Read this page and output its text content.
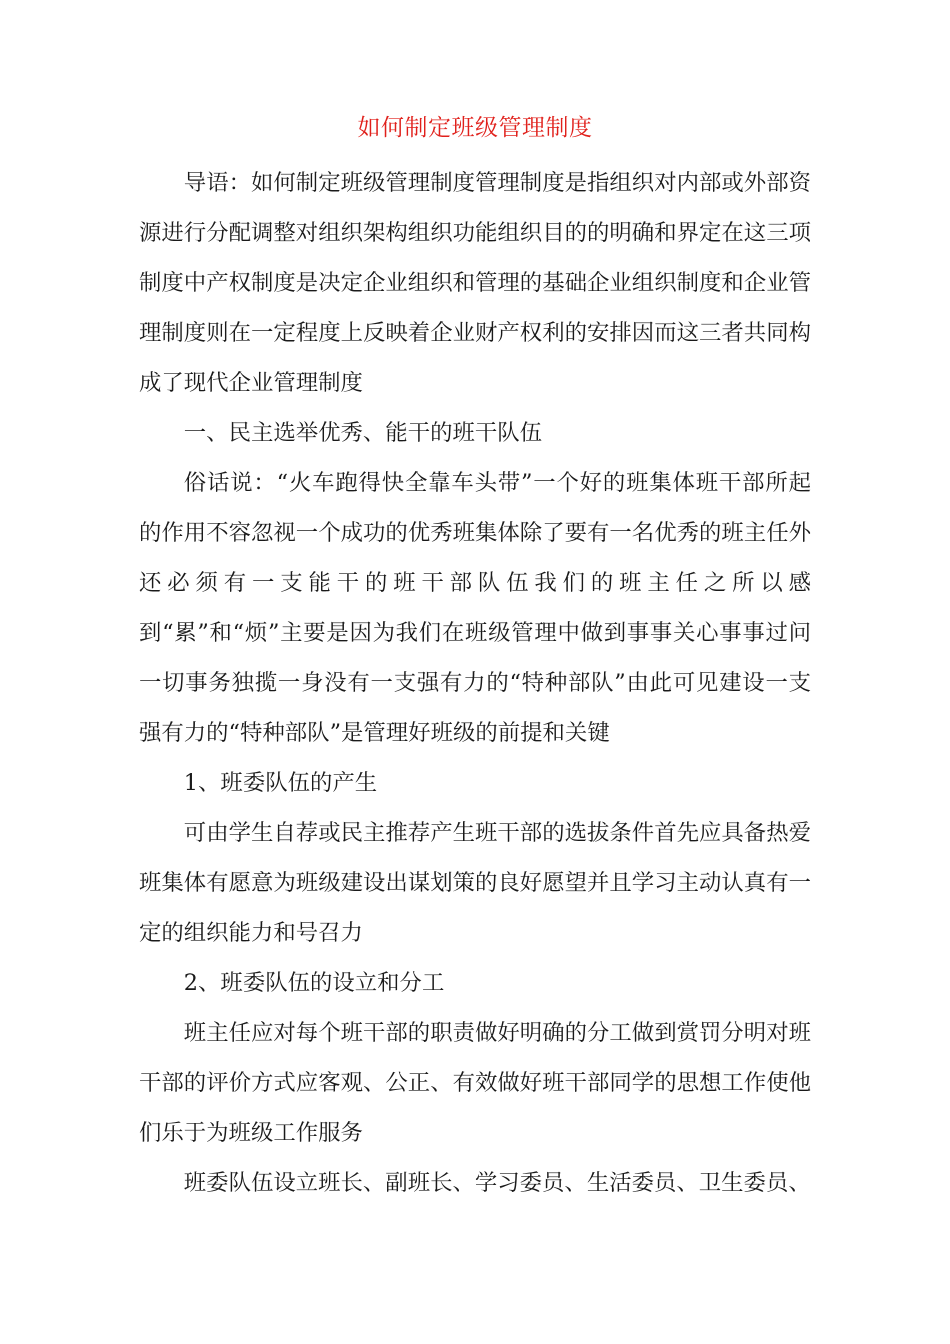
如何制定班级管理制度

导语：如何制定班级管理制度管理制度是指组织对内部或外部资源进行分配调整对组织架构组织功能组织目的的明确和界定在这三项制度中产权制度是决定企业组织和管理的基础企业组织制度和企业管理制度则在一定程度上反映着企业财产权利的安排因而这三者共同构成了现代企业管理制度

一、民主选举优秀、能干的班干队伍

俗话说：“火车跑得快全靠车头带”一个好的班集体班干部所起的作用不容忽视一个成功的优秀班集体除了要有一名优秀的班主任外还必须有一支能干的班干部队伍我们的班主任之所以感到“累”和“烦”主要是因为我们在班级管理中做到事事关心事事过问一切事务独揽一身没有一支强有力的“特种部队”由此可见建设一支强有力的“特种部队”是管理好班级的前提和关键

1、班委队伍的产生

可由学生自荐或民主推荐产生班干部的选拔条件首先应具备热爱班集体有愿意为班级建设出谋划策的良好愿望并且学习主动认真有一定的组织能力和号召力

2、班委队伍的设立和分工

班主任应对每个班干部的职责做好明确的分工做到赏罚分明对班干部的评价方式应客观、公正、有效做好班干部同学的思想工作使他们乐于为班级工作服务

班委队伍设立班长、副班长、学习委员、生活委员、卫生委员、
